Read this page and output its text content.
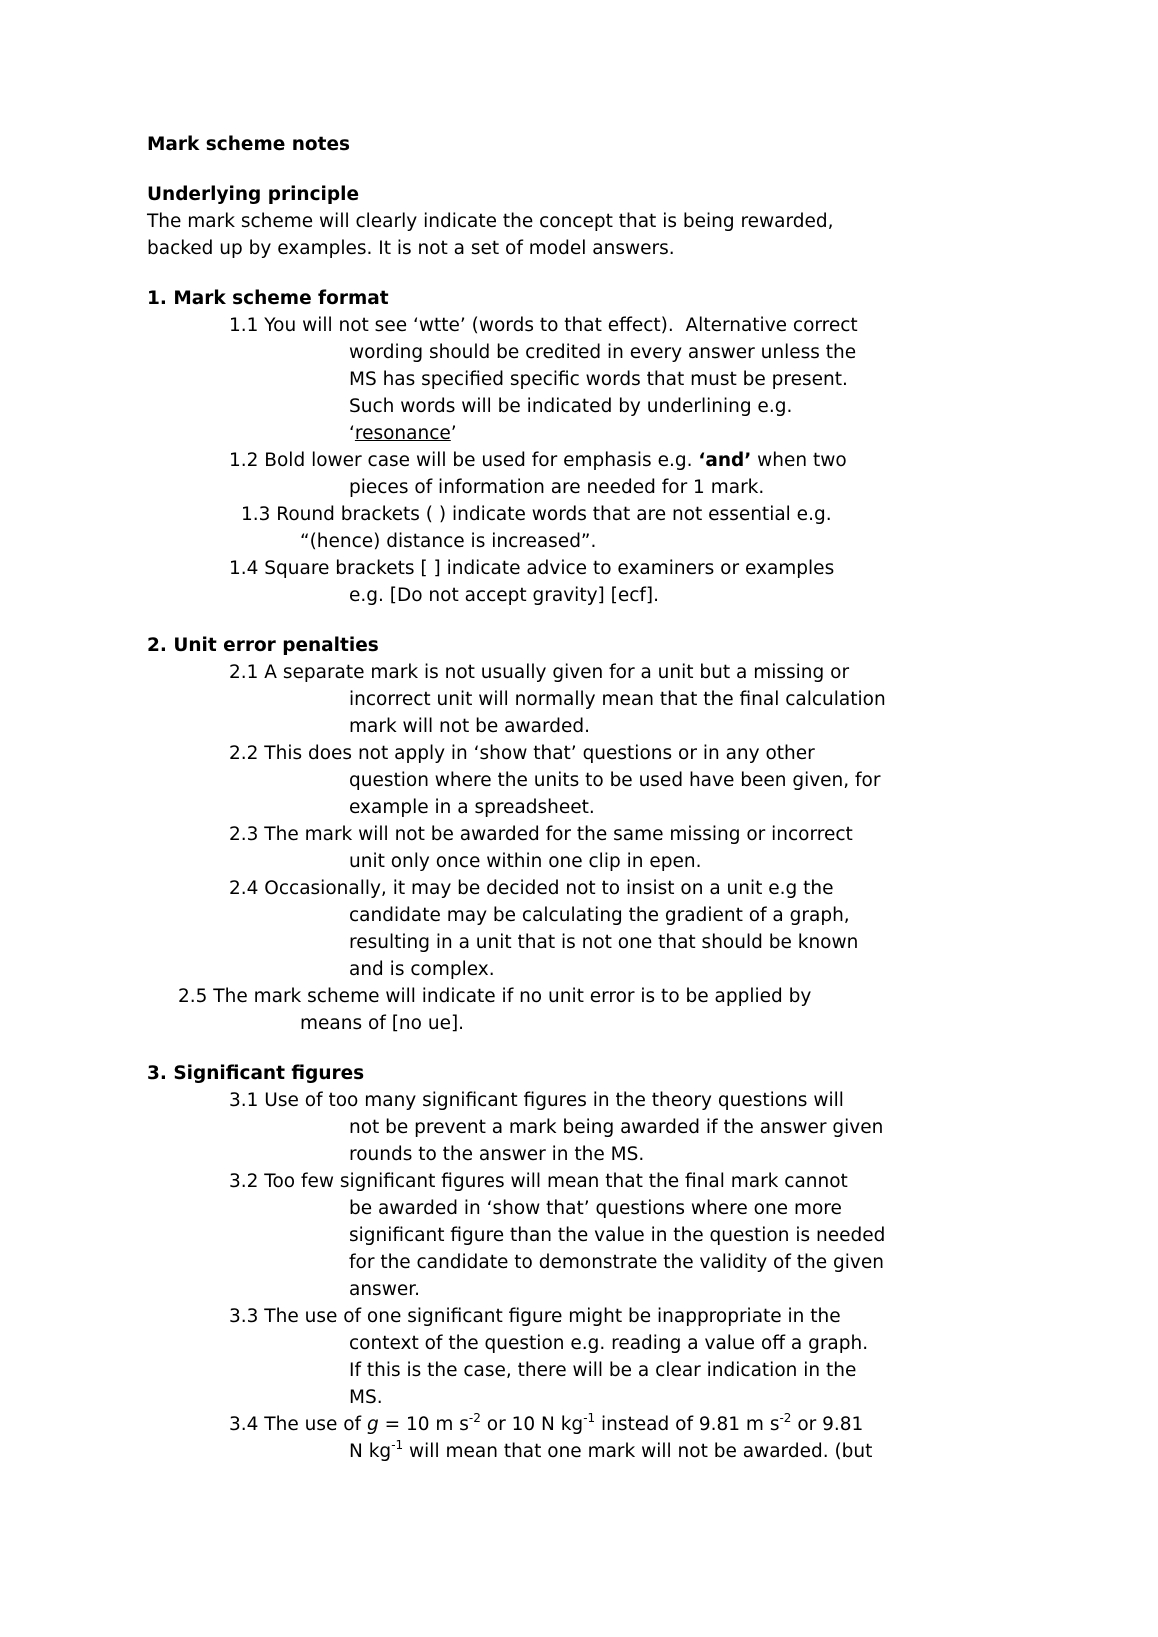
Mark scheme notes
Underlying principle
The mark scheme will clearly indicate the concept that is being rewarded,
backed up by examples. It is not a set of model answers.
1. Mark scheme format
1.1 You will not see ‘wtte’ (words to that effect).  Alternative correct
wording should be credited in every answer unless the
MS has specified specific words that must be present.
Such words will be indicated by underlining e.g.
‘resonance’
1.2 Bold lower case will be used for emphasis e.g. ‘and’ when two
pieces of information are needed for 1 mark.
1.3 Round brackets ( ) indicate words that are not essential e.g.
“(hence) distance is increased”.
1.4 Square brackets [ ] indicate advice to examiners or examples
e.g. [Do not accept gravity] [ecf].
2. Unit error penalties
2.1 A separate mark is not usually given for a unit but a missing or
incorrect unit will normally mean that the final calculation
mark will not be awarded.
2.2 This does not apply in ‘show that’ questions or in any other
question where the units to be used have been given, for
example in a spreadsheet.
2.3 The mark will not be awarded for the same missing or incorrect
unit only once within one clip in epen.
2.4 Occasionally, it may be decided not to insist on a unit e.g the
candidate may be calculating the gradient of a graph,
resulting in a unit that is not one that should be known
and is complex.
2.5 The mark scheme will indicate if no unit error is to be applied by
means of [no ue].
3. Significant figures
3.1 Use of too many significant figures in the theory questions will
not be prevent a mark being awarded if the answer given
rounds to the answer in the MS.
3.2 Too few significant figures will mean that the final mark cannot
be awarded in ‘show that’ questions where one more
significant figure than the value in the question is needed
for the candidate to demonstrate the validity of the given
answer.
3.3 The use of one significant figure might be inappropriate in the
context of the question e.g. reading a value off a graph.
If this is the case, there will be a clear indication in the
MS.
3.4 The use of g = 10 m $s^{-2}$ or 10 N $kg^{-1}$ instead of 9.81 m $s^{-2}$ or 9.81
N $kg^{-1}$ will mean that one mark will not be awarded. (but
